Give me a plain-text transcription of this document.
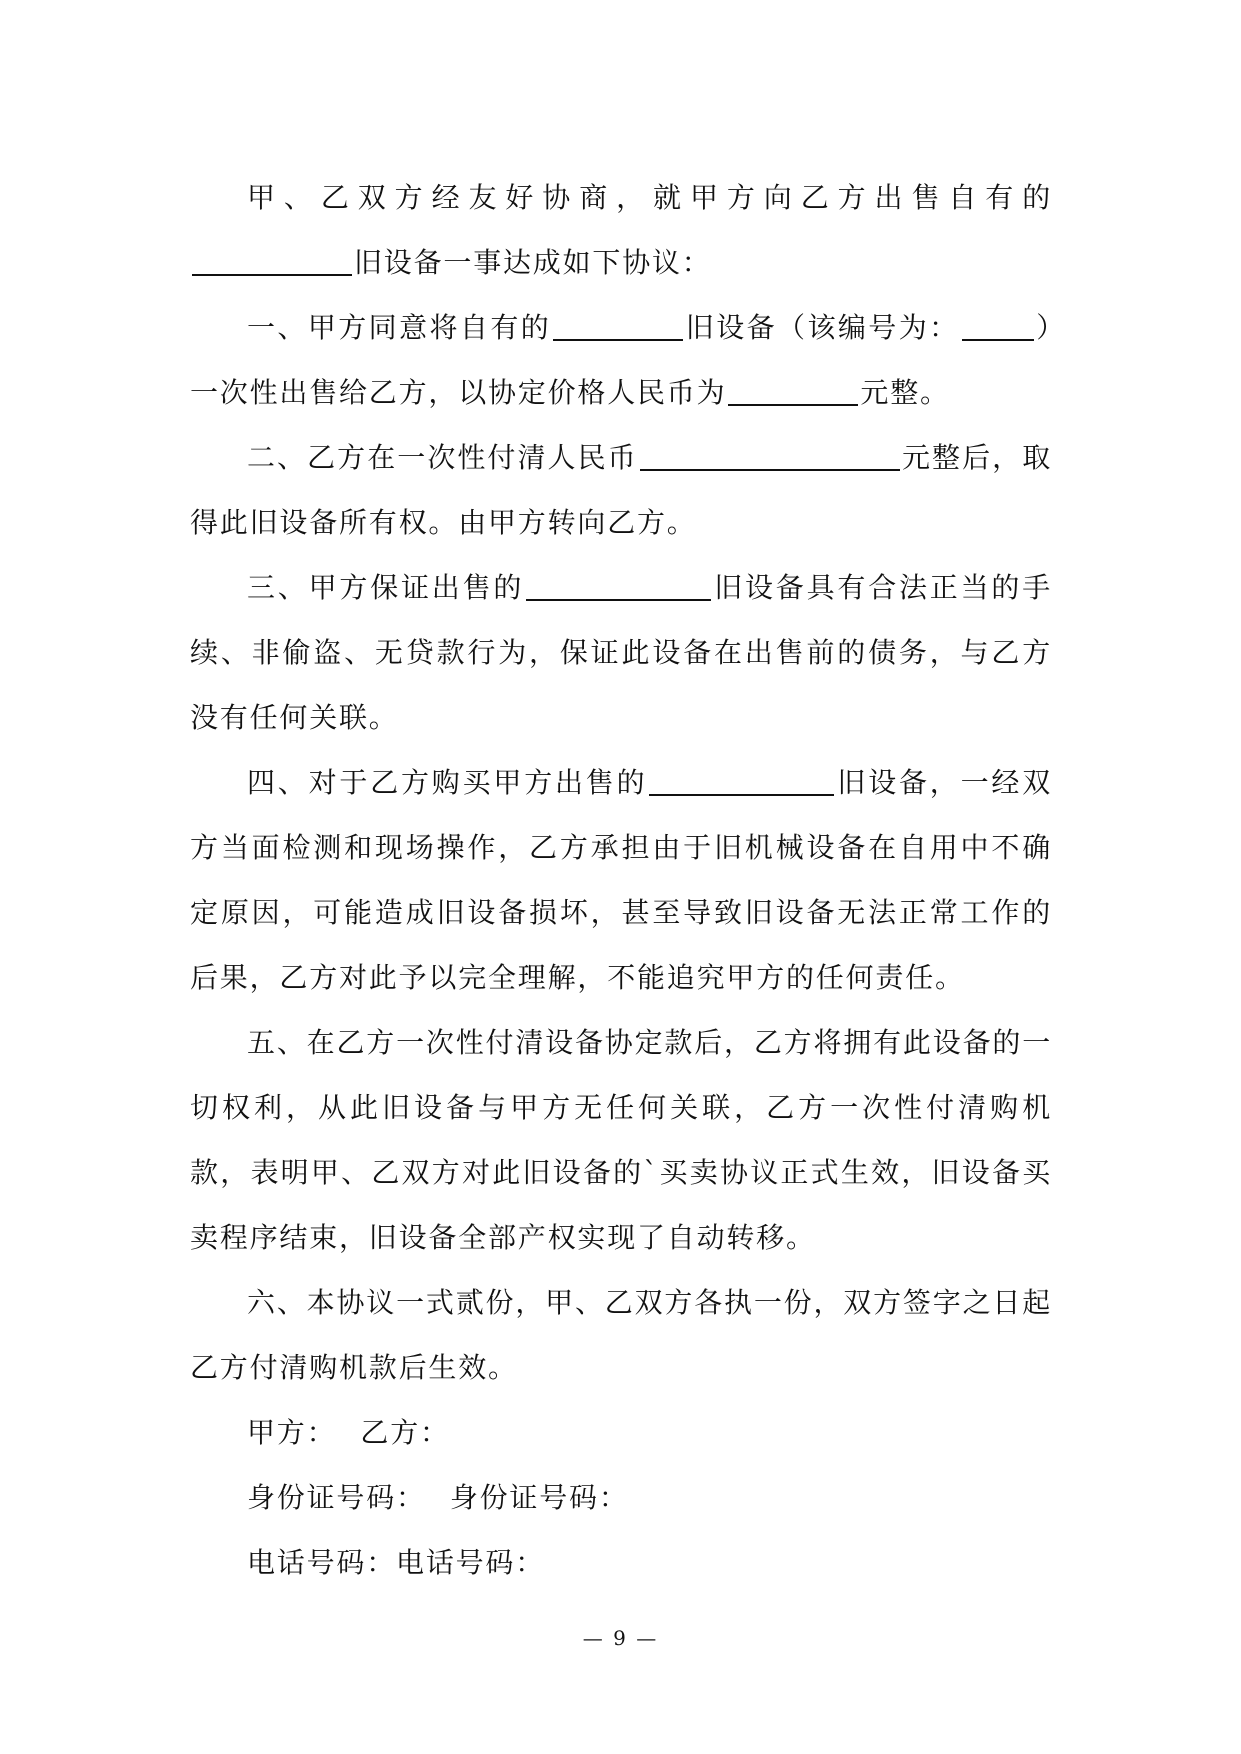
甲、乙双方经友好协商，就甲方向乙方出售自有的旧设备一事达成如下协议：

一、甲方同意将自有的	旧设备（该编号为：	）一次性出售给乙方，以协定价格人民币为	元整。

二、乙方在一次性付清人民币	元整后，取得此旧设备所有权。由甲方转向乙方。

三、甲方保证出售的	旧设备具有合法正当的手续、非偷盗、无贷款行为，保证此设备在出售前的债务，与乙方没有任何关联。

四、对于乙方购买甲方出售的	旧设备，一经双方当面检测和现场操作，乙方承担由于旧机械设备在自用中不确定原因，可能造成旧设备损坏，甚至导致旧设备无法正常工作的后果，乙方对此予以完全理解，不能追究甲方的任何责任。

五、在乙方一次性付清设备协定款后，乙方将拥有此设备的一切权利，从此旧设备与甲方无任何关联，乙方一次性付清购机款，表明甲、乙双方对此旧设备的`买卖协议正式生效，旧设备买卖程序结束，旧设备全部产权实现了自动转移。

六、本协议一式贰份，甲、乙双方各执一份，双方签字之日起乙方付清购机款后生效。

甲方： 乙方：

身份证号码： 身份证号码：

电话号码：电话号码：

— 9 —
